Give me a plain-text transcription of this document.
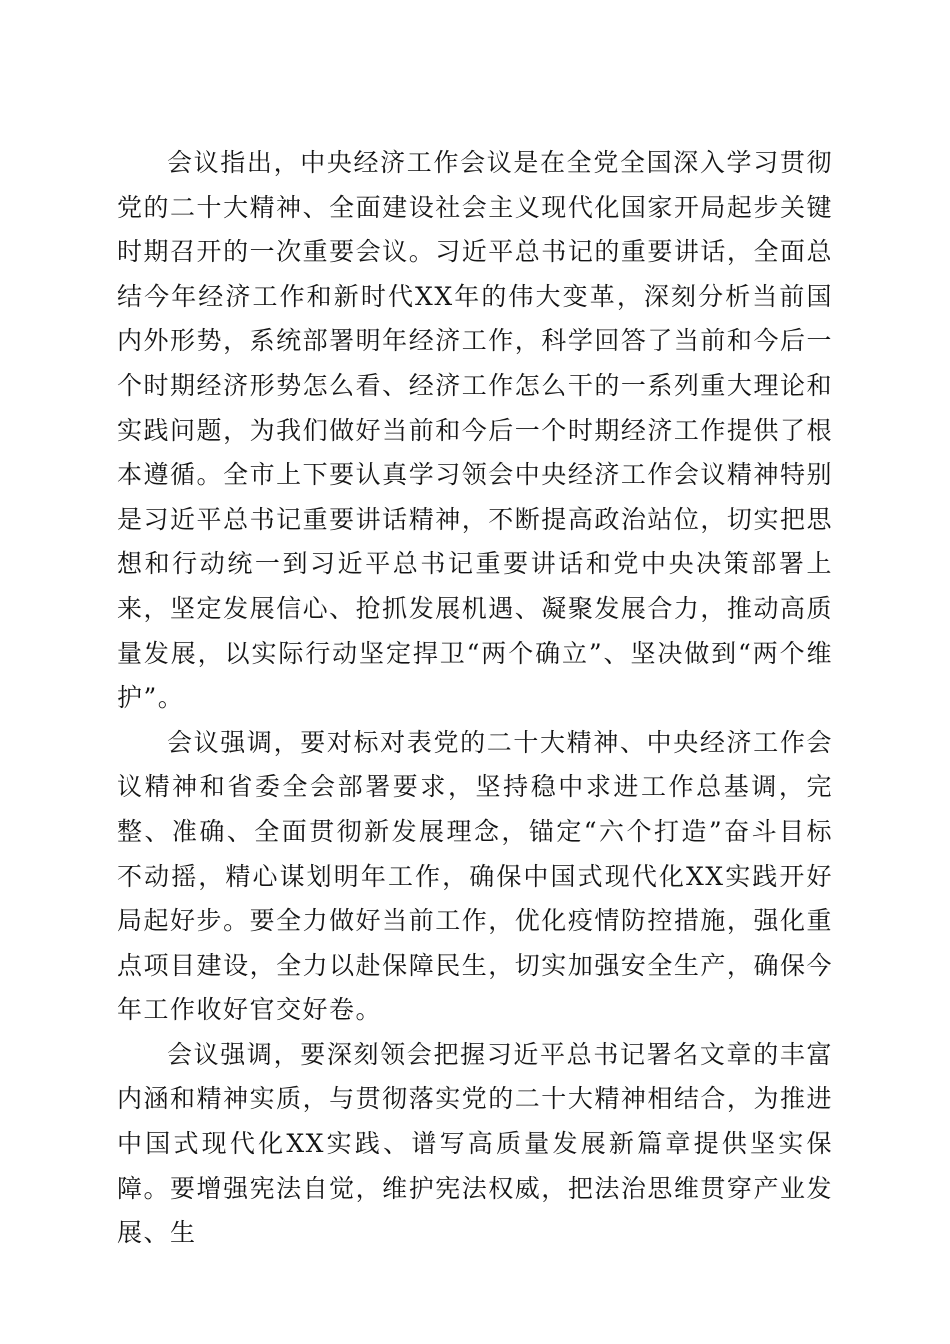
会议指出，中央经济工作会议是在全党全国深入学习贯彻党的二十大精神、全面建设社会主义现代化国家开局起步关键时期召开的一次重要会议。习近平总书记的重要讲话，全面总结今年经济工作和新时代XX年的伟大变革，深刻分析当前国内外形势，系统部署明年经济工作，科学回答了当前和今后一个时期经济形势怎么看、经济工作怎么干的一系列重大理论和实践问题，为我们做好当前和今后一个时期经济工作提供了根本遵循。全市上下要认真学习领会中央经济工作会议精神特别是习近平总书记重要讲话精神，不断提高政治站位，切实把思想和行动统一到习近平总书记重要讲话和党中央决策部署上来，坚定发展信心、抢抓发展机遇、凝聚发展合力，推动高质量发展，以实际行动坚定捍卫“两个确立”、坚决做到“两个维护”。

会议强调，要对标对表党的二十大精神、中央经济工作会议精神和省委全会部署要求，坚持稳中求进工作总基调，完整、准确、全面贯彻新发展理念，锚定“六个打造”奋斗目标不动摇，精心谋划明年工作，确保中国式现代化XX实践开好局起好步。要全力做好当前工作，优化疫情防控措施，强化重点项目建设，全力以赴保障民生，切实加强安全生产，确保今年工作收好官交好卷。

会议强调，要深刻领会把握习近平总书记署名文章的丰富内涵和精神实质，与贯彻落实党的二十大精神相结合，为推进中国式现代化XX实践、谱写高质量发展新篇章提供坚实保障。要增强宪法自觉，维护宪法权威，把法治思维贯穿产业发展、生
